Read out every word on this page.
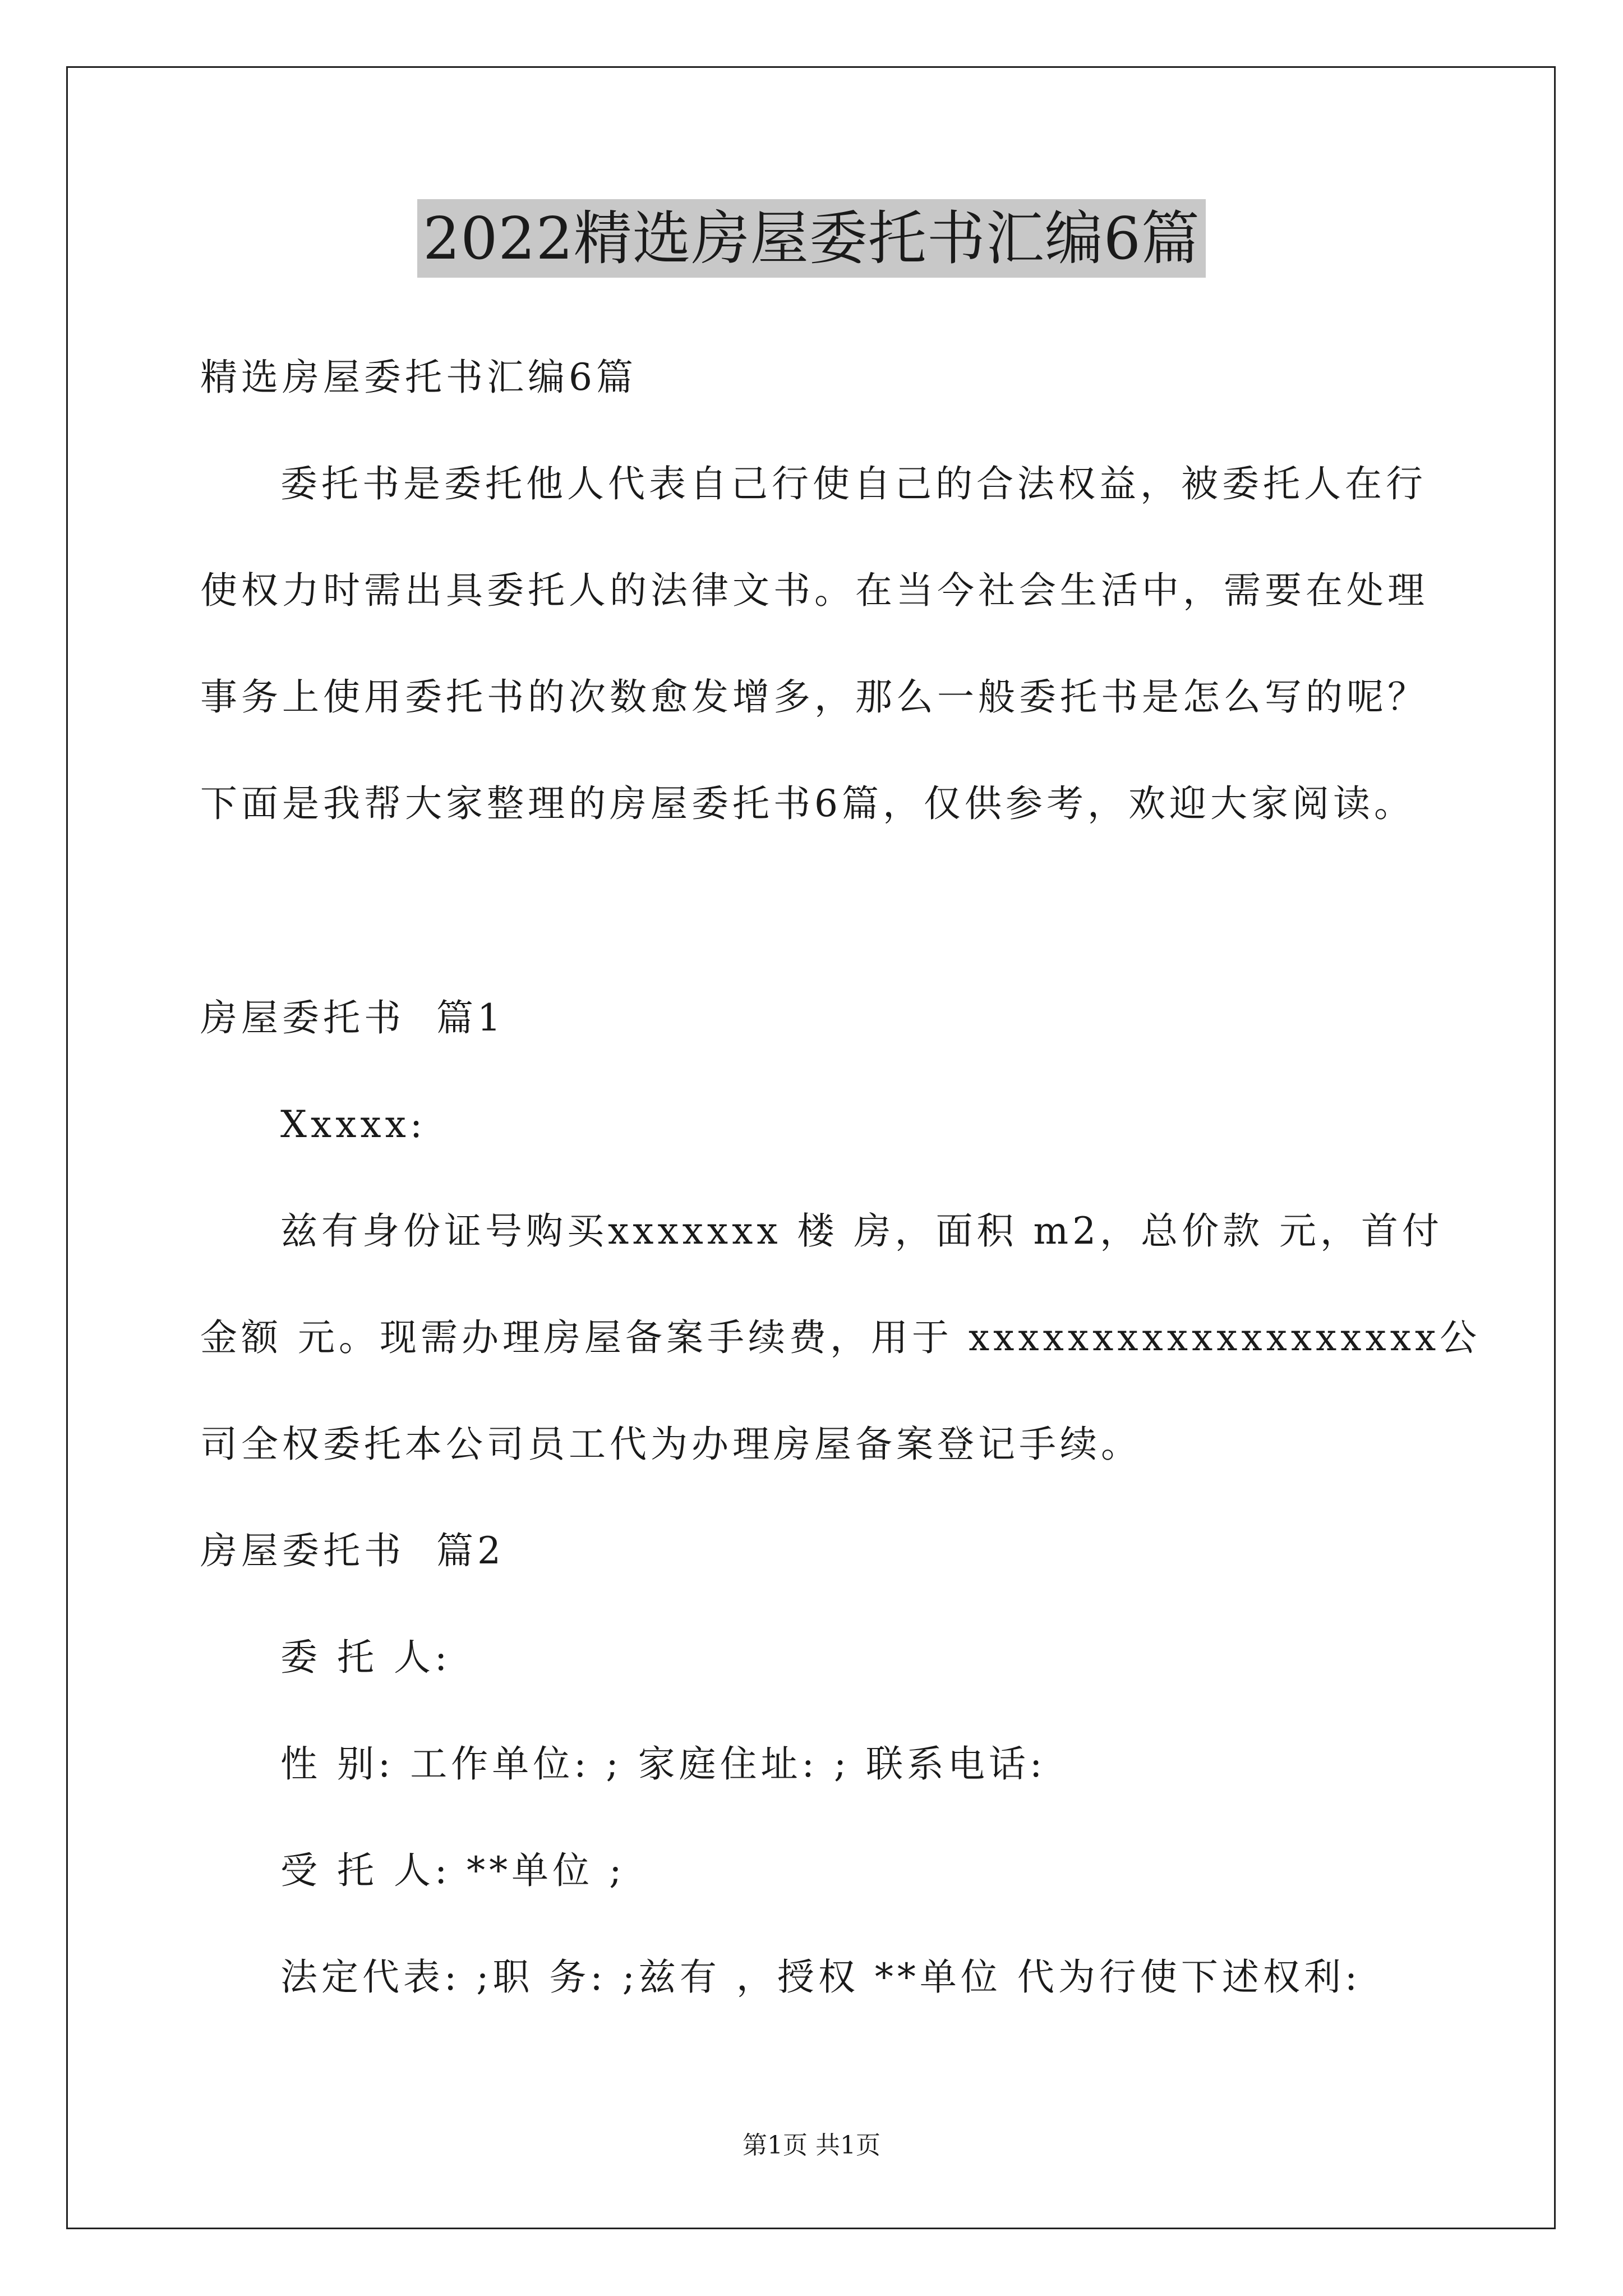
2022精选房屋委托书汇编6篇
精选房屋委托书汇编6篇
委托书是委托他人代表自己行使自己的合法权益，被委托人在行
使权力时需出具委托人的法律文书。在当今社会生活中，需要在处理
事务上使用委托书的次数愈发增多，那么一般委托书是怎么写的呢？
下面是我帮大家整理的房屋委托书6篇，仅供参考，欢迎大家阅读。
房屋委托书  篇1
Xxxxx:
兹有身份证号购买xxxxxxx 楼 房，面积 m2，总价款 元，首付
金额 元。现需办理房屋备案手续费，用于 xxxxxxxxxxxxxxxxxxx公
司全权委托本公司员工代为办理房屋备案登记手续。
房屋委托书  篇2
委 托 人:
性 别: 工作单位: ; 家庭住址: ; 联系电话:
受 托 人: **单位 ;
法定代表: ;职 务: ;兹有 ，授权 **单位 代为行使下述权利:
第1页 共1页
